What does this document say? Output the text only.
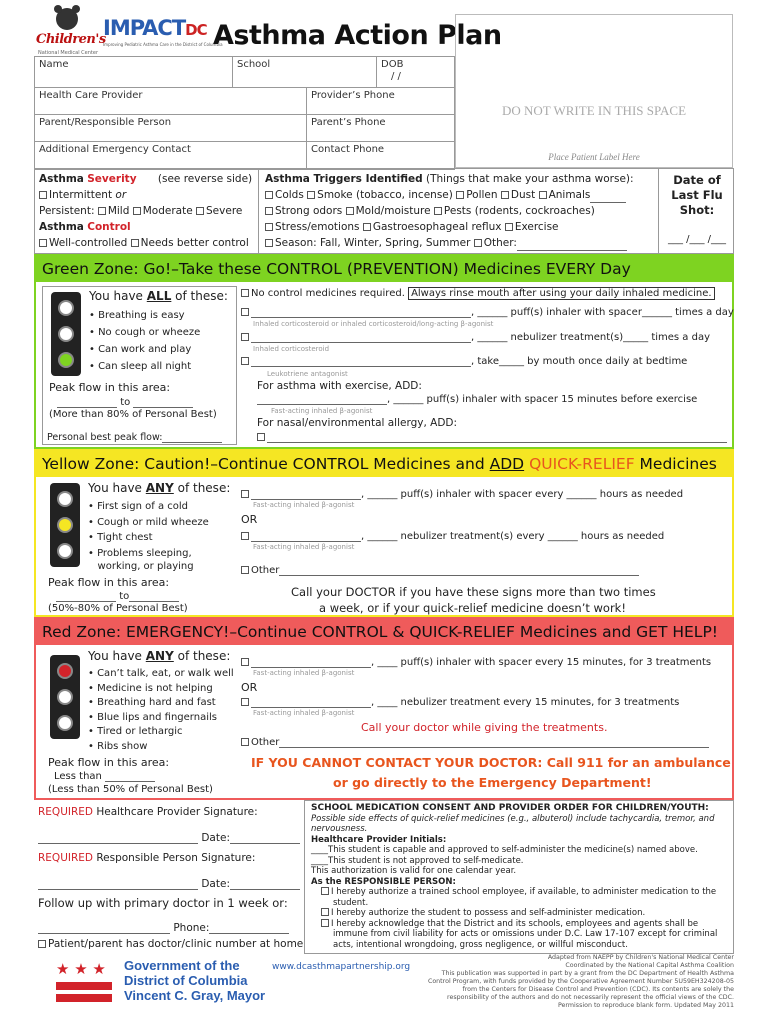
Children's
National Medical Center
IMPACTDC
Improving Pediatric Asthma Care in the District of Columbia
Asthma Action Plan
Name	School	DOB
/ /
Health Care Provider	Provider’s Phone
Parent/Responsible Person	Parent’s Phone
Additional Emergency Contact	Contact Phone
DO NOT WRITE IN THIS SPACE
Place Patient Label Here
Asthma Severity (see reverse side)
Intermittent or
Persistent: Mild Moderate Severe
Asthma Control
Well-controlled Needs better control
Asthma Triggers Identified (Things that make your asthma worse):
Colds Smoke (tobacco, incense) Pollen Dust Animals
Strong odors Mold/moisture Pests (rodents, cockroaches)
Stress/emotions Gastroesophageal reflux Exercise
Season: Fall, Winter, Spring, Summer Other:
Date of
Last Flu
Shot:
___ /___ /___
Green Zone: Go!–Take these CONTROL (PREVENTION) Medicines EVERY Day
You have ALL of these:
• Breathing is easy
• No cough or wheeze
• Can work and play
• Can sleep all night
Peak flow in this area:
to
(More than 80% of Personal Best)
Personal best peak flow:
No control medicines required. Always rinse mouth after using your daily inhaled medicine.
, ______ puff(s) inhaler with spacer______ times a day
Inhaled corticosteroid or inhaled corticosteroid/long-acting β-agonist
, ______ nebulizer treatment(s)_____ times a day
Inhaled corticosteroid
, take_____ by mouth once daily at bedtime
Leukotriene antagonist
For asthma with exercise, ADD:
, ______ puff(s) inhaler with spacer 15 minutes before exercise
Fast-acting inhaled β-agonist
For nasal/environmental allergy, ADD:
Yellow Zone: Caution!–Continue CONTROL Medicines and ADD QUICK-RELIEF Medicines
You have ANY of these:
• First sign of a cold
• Cough or mild wheeze
• Tight chest
• Problems sleeping,
working, or playing
Peak flow in this area:
to
(50%-80% of Personal Best)
, ______ puff(s) inhaler with spacer every ______ hours as needed
Fast-acting inhaled β-agonist
OR
, ______ nebulizer treatment(s) every ______ hours as needed
Fast-acting inhaled β-agonist
Other
Call your DOCTOR if you have these signs more than two times
a week, or if your quick-relief medicine doesn’t work!
Red Zone: EMERGENCY!–Continue CONTROL & QUICK-RELIEF Medicines and GET HELP!
You have ANY of these:
• Can’t talk, eat, or walk well
• Medicine is not helping
• Breathing hard and fast
• Blue lips and fingernails
• Tired or lethargic
• Ribs show
Peak flow in this area:
Less than
(Less than 50% of Personal Best)
, ____ puff(s) inhaler with spacer every 15 minutes, for 3 treatments
Fast-acting inhaled β-agonist
OR
, ____ nebulizer treatment every 15 minutes, for 3 treatments
Fast-acting inhaled β-agonist
Call your doctor while giving the treatments.
Other
IF YOU CANNOT CONTACT YOUR DOCTOR: Call 911 for an ambulance
or go directly to the Emergency Department!
REQUIRED Healthcare Provider Signature:
Date:
REQUIRED Responsible Person Signature:
Date:
Follow up with primary doctor in 1 week or:
Phone:
Patient/parent has doctor/clinic number at home
SCHOOL MEDICATION CONSENT AND PROVIDER ORDER FOR CHILDREN/YOUTH:
Possible side effects of quick-relief medicines (e.g., albuterol) include tachycardia, tremor, and nervousness.
Healthcare Provider Initials:
____This student is capable and approved to self-administer the medicine(s) named above.
____This student is not approved to self-medicate.
This authorization is valid for one calendar year.
As the RESPONSIBLE PERSON:
I hereby authorize a trained school employee, if available, to administer medication to the student.
I hereby authorize the student to possess and self-administer medication.
I hereby acknowledge that the District and its schools, employees and agents shall be immune from civil liability for acts or omissions under D.C. Law 17-107 except for criminal acts, intentional wrongdoing, gross negligence, or willful misconduct.
★ ★ ★	Government of the
District of Columbia
Vincent C. Gray, Mayor
www.dcasthmapartnership.org
Adapted from NAEPP by Children's National Medical Center
Coordinated by the National Capital Asthma Coalition
This publication was supported in part by a grant from the DC Department of Health Asthma
Control Program, with funds provided by the Cooperative Agreement Number 5U59EH324208-05
from the Centers for Disease Control and Prevention (CDC). Its contents are solely the
responsibility of the authors and do not necessarily represent the official views of the CDC.
Permission to reproduce blank form. Updated May 2011
